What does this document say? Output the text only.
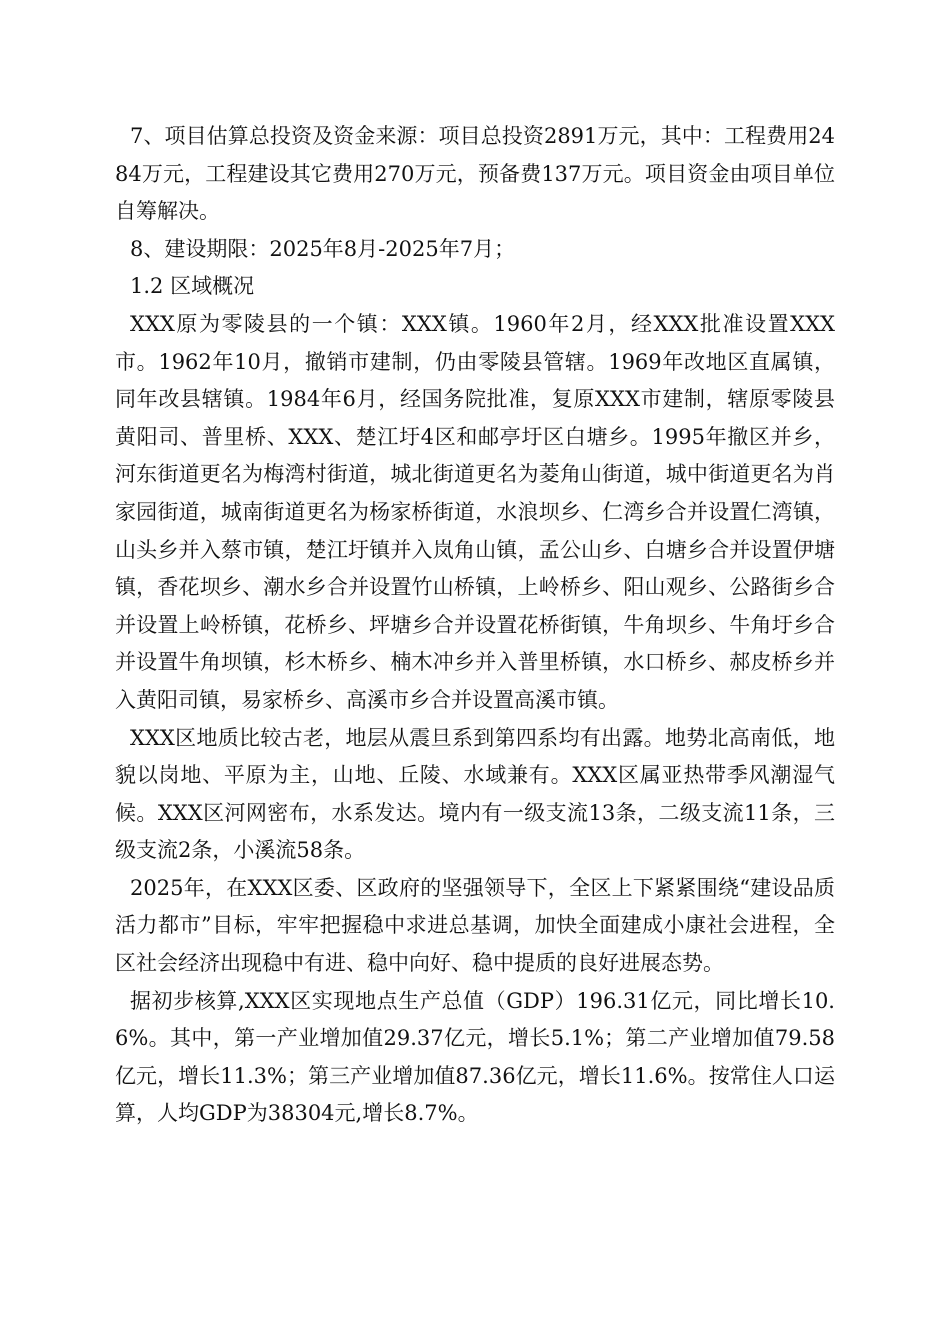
7、项目估算总投资及资金来源：项目总投资2891万元，其中：工程费用2484万元，工程建设其它费用270万元，预备费137万元。项目资金由项目单位自筹解决。

8、建设期限：2025年8月-2025年7月；

1.2 区域概况

XXX原为零陵县的一个镇：XXX镇。1960年2月，经XXX批准设置XXX市。1962年10月，撤销市建制，仍由零陵县管辖。1969年改地区直属镇，同年改县辖镇。1984年6月，经国务院批准，复原XXX市建制，辖原零陵县黄阳司、普里桥、XXX、楚江圩4区和邮亭圩区白塘乡。1995年撤区并乡，河东街道更名为梅湾村街道，城北街道更名为菱角山街道，城中街道更名为肖家园街道，城南街道更名为杨家桥街道，水浪坝乡、仁湾乡合并设置仁湾镇，山头乡并入蔡市镇，楚江圩镇并入岚角山镇，孟公山乡、白塘乡合并设置伊塘镇，香花坝乡、潮水乡合并设置竹山桥镇，上岭桥乡、阳山观乡、公路街乡合并设置上岭桥镇，花桥乡、坪塘乡合并设置花桥街镇，牛角坝乡、牛角圩乡合并设置牛角坝镇，杉木桥乡、楠木冲乡并入普里桥镇，水口桥乡、郝皮桥乡并入黄阳司镇，易家桥乡、高溪市乡合并设置高溪市镇。

XXX区地质比较古老，地层从震旦系到第四系均有出露。地势北高南低，地貌以岗地、平原为主，山地、丘陵、水域兼有。XXX区属亚热带季风潮湿气候。XXX区河网密布，水系发达。境内有一级支流13条，二级支流11条，三级支流2条，小溪流58条。

2025年，在XXX区委、区政府的坚强领导下，全区上下紧紧围绕“建设品质活力都市”目标，牢牢把握稳中求进总基调，加快全面建成小康社会进程，全区社会经济出现稳中有进、稳中向好、稳中提质的良好进展态势。

据初步核算,XXX区实现地点生产总值（GDP）196.31亿元，同比增长10.6%。其中，第一产业增加值29.37亿元，增长5.1%；第二产业增加值79.58亿元，增长11.3%；第三产业增加值87.36亿元，增长11.6%。按常住人口运算，人均GDP为38304元,增长8.7%。
